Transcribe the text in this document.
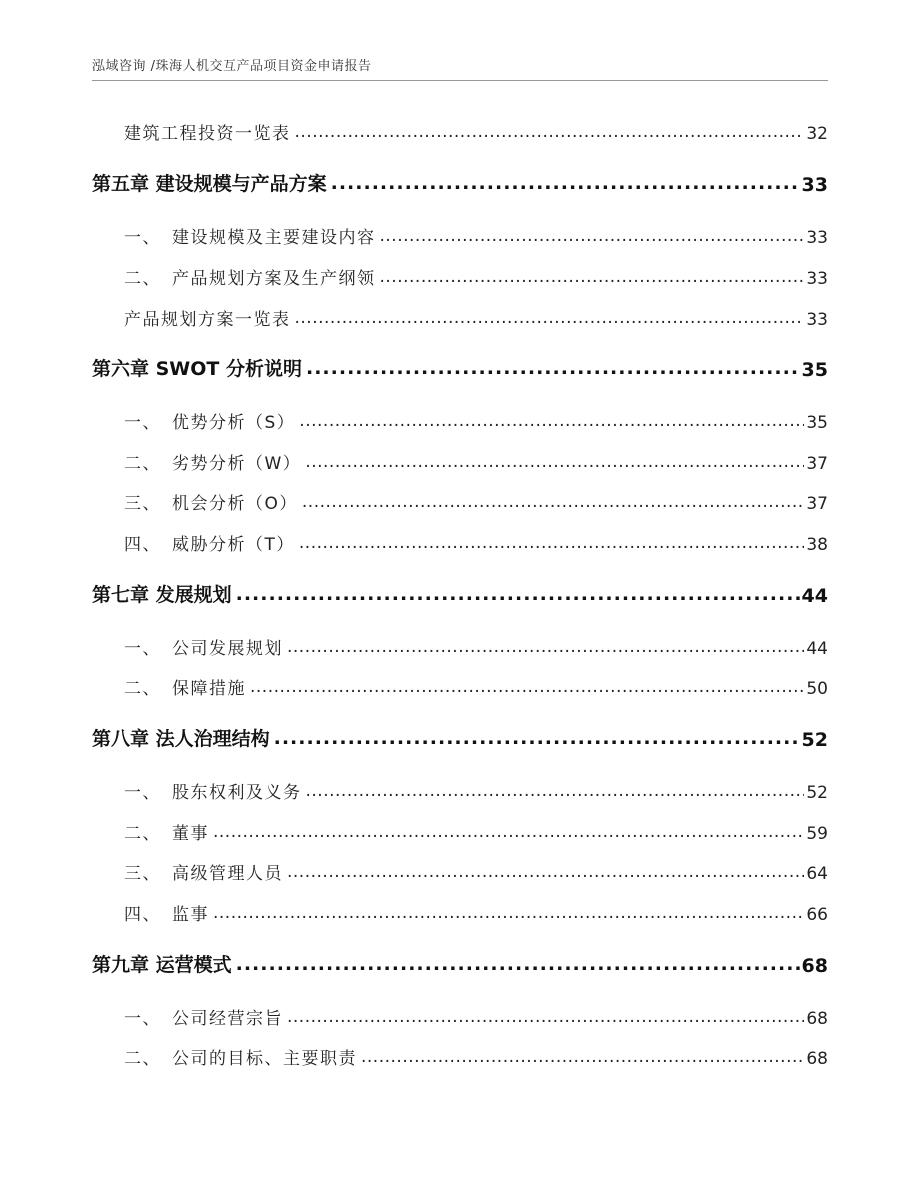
泓域咨询 /珠海人机交互产品项目资金申请报告
建筑工程投资一览表 .....	32
第五章 建设规模与产品方案 .....	33
一、 建设规模及主要建设内容 .....	33
二、 产品规划方案及生产纲领 .....	33
产品规划方案一览表 .....	33
第六章 SWOT 分析说明 .....	35
一、 优势分析（S） .....	35
二、 劣势分析（W） .....	37
三、 机会分析（O） .....	37
四、 威胁分析（T） .....	38
第七章 发展规划 .....	44
一、 公司发展规划 .....	44
二、 保障措施 .....	50
第八章 法人治理结构 .....	52
一、 股东权利及义务 .....	52
二、 董事 .....	59
三、 高级管理人员 .....	64
四、 监事 .....	66
第九章 运营模式 .....	68
一、 公司经营宗旨 .....	68
二、 公司的目标、主要职责 .....	68
